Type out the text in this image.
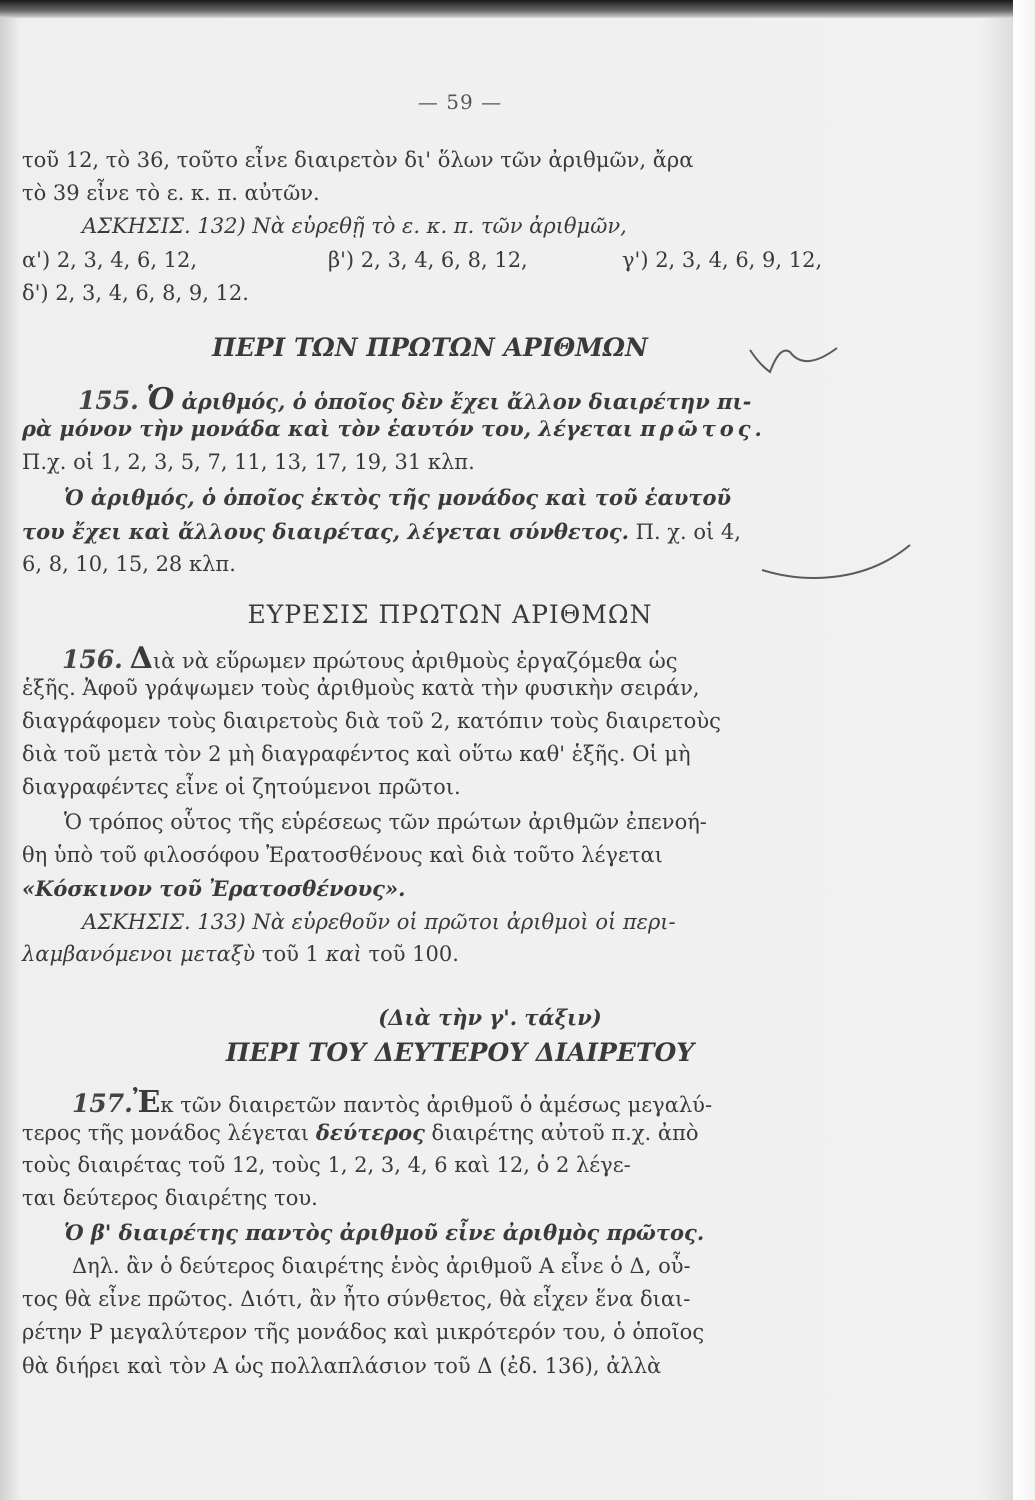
— 59 —
τοῦ 12, τὸ 36, τοῦτο εἶνε διαιρετὸν δι' ὅλων τῶν ἀριθμῶν, ἄρα
τὸ 39 εἶνε τὸ ε. κ. π. αὐτῶν.
ΑΣΚΗΣΙΣ. 132) Νὰ εὑρεθῇ τὸ ε. κ. π. τῶν ἀριθμῶν,
α') 2, 3, 4, 6, 12,	β') 2, 3, 4, 6, 8, 12,	γ') 2, 3, 4, 6, 9, 12,
δ') 2, 3, 4, 6, 8, 9, 12.
ΠΕΡΙ ΤΩΝ ΠΡΩΤΩΝ ΑΡΙΘΜΩΝ
155. Ὁ ἀριθμός, ὁ ὁποῖος δὲν ἔχει ἄλλον διαιρέτην πι-
ρὰ μόνον τὴν μονάδα καὶ τὸν ἑαυτόν του, λέγεται πρῶτος.
Π.χ. οἱ 1, 2, 3, 5, 7, 11, 13, 17, 19, 31 κλπ.
Ὁ ἀριθμός, ὁ ὁποῖος ἐκτὸς τῆς μονάδος καὶ τοῦ ἑαυτοῦ
του ἔχει καὶ ἄλλους διαιρέτας, λέγεται σύνθετος. Π. χ. οἱ 4,
6, 8, 10, 15, 28 κλπ.
ΕΥΡΕΣΙΣ ΠΡΩΤΩΝ ΑΡΙΘΜΩΝ
156. Διὰ νὰ εὕρωμεν πρώτους ἀριθμοὺς ἐργαζόμεθα ὡς
ἑξῆς. Ἀφοῦ γράψωμεν τοὺς ἀριθμοὺς κατὰ τὴν φυσικὴν σειράν,
διαγράφομεν τοὺς διαιρετοὺς διὰ τοῦ 2, κατόπιν τοὺς διαιρετοὺς
διὰ τοῦ μετὰ τὸν 2 μὴ διαγραφέντος καὶ οὕτω καθ' ἑξῆς. Οἱ μὴ
διαγραφέντες εἶνε οἱ ζητούμενοι πρῶτοι.
Ὁ τρόπος οὗτος τῆς εὑρέσεως τῶν πρώτων ἀριθμῶν ἐπενοή-
θη ὑπὸ τοῦ φιλοσόφου Ἐρατοσθένους καὶ διὰ τοῦτο λέγεται
«Κόσκινον τοῦ Ἐρατοσθένους».
ΑΣΚΗΣΙΣ. 133) Νὰ εὑρεθοῦν οἱ πρῶτοι ἀριθμοὶ οἱ περι-
λαμβανόμενοι μεταξὺ τοῦ 1 καὶ τοῦ 100.
(Διὰ τὴν γ'. τάξιν)
ΠΕΡΙ ΤΟΥ ΔΕΥΤΕΡΟΥ ΔΙΑΙΡΕΤΟΥ
157.Ἐκ τῶν διαιρετῶν παντὸς ἀριθμοῦ ὁ ἀμέσως μεγαλύ-
τερος τῆς μονάδος λέγεται δεύτερος διαιρέτης αὐτοῦ π.χ. ἀπὸ
τοὺς διαιρέτας τοῦ 12, τοὺς 1, 2, 3, 4, 6 καὶ 12, ὁ 2 λέγε-
ται δεύτερος διαιρέτης του.
Ὁ β' διαιρέτης παντὸς ἀριθμοῦ εἶνε ἀριθμὸς πρῶτος.
Δηλ. ἂν ὁ δεύτερος διαιρέτης ἑνὸς ἀριθμοῦ Α εἶνε ὁ Δ, οὗ-
τος θὰ εἶνε πρῶτος. Διότι, ἂν ἦτο σύνθετος, θὰ εἶχεν ἕνα διαι-
ρέτην Ρ μεγαλύτερον τῆς μονάδος καὶ μικρότερόν του, ὁ ὁποῖος
θὰ διήρει καὶ τὸν Α ὡς πολλαπλάσιον τοῦ Δ (ἐδ. 136), ἀλλὰ
